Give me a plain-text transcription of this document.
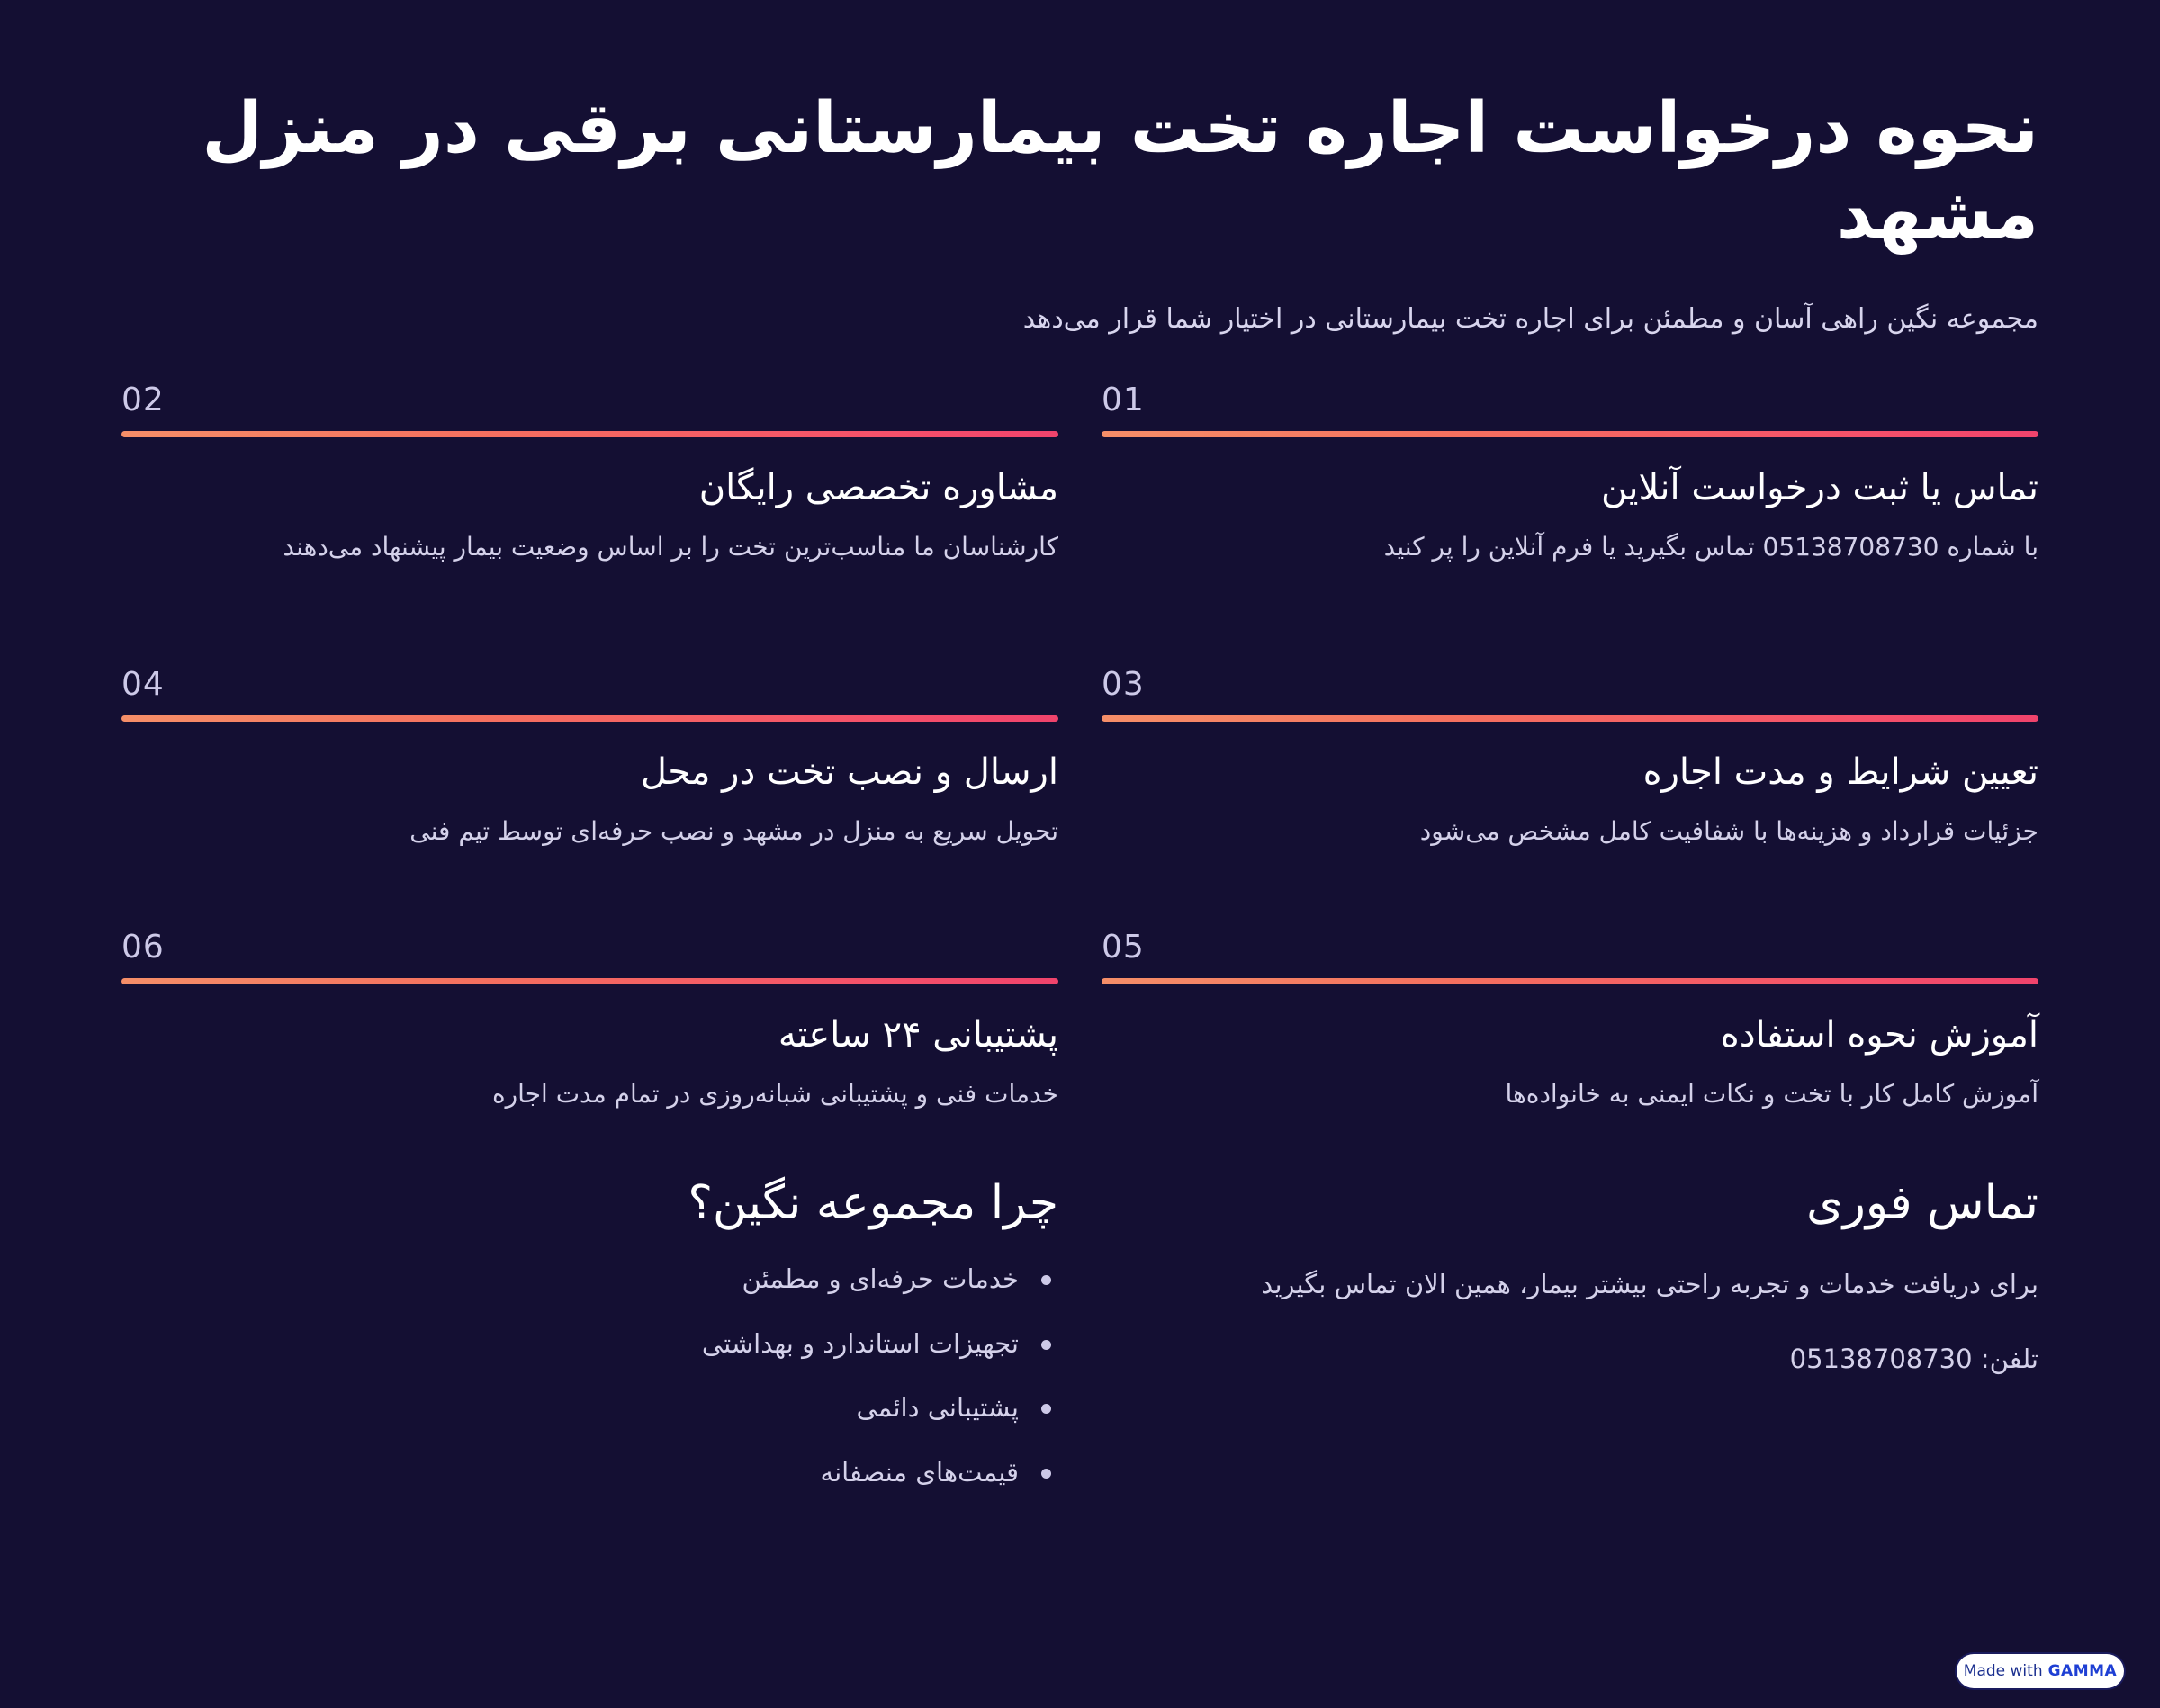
نحوه درخواست اجاره تخت بیمارستانی برقی در منزل مشهد

مجموعه نگین راهی آسان و مطمئن برای اجاره تخت بیمارستانی در اختیار شما قرار می‌دهد

01
تماس یا ثبت درخواست آنلاین
با شماره 05138708730 تماس بگیرید یا فرم آنلاین را پر کنید
02
مشاوره تخصصی رایگان
کارشناسان ما مناسب‌ترین تخت را بر اساس وضعیت بیمار پیشنهاد می‌دهند
03
تعیین شرایط و مدت اجاره
جزئیات قرارداد و هزینه‌ها با شفافیت کامل مشخص می‌شود
04
ارسال و نصب تخت در محل
تحویل سریع به منزل در مشهد و نصب حرفه‌ای توسط تیم فنی
05
آموزش نحوه استفاده
آموزش کامل کار با تخت و نکات ایمنی به خانواده‌ها
06
پشتیبانی ۲۴ ساعته
خدمات فنی و پشتیبانی شبانه‌روزی در تمام مدت اجاره
تماس فوری
برای دریافت خدمات و تجربه راحتی بیشتر بیمار، همین الان تماس بگیرید
تلفن: 05138708730
چرا مجموعه نگین؟
خدمات حرفه‌ای و مطمئن
تجهیزات استاندارد و بهداشتی
پشتیبانی دائمی
قیمت‌های منصفانه
Made with GAMMA
